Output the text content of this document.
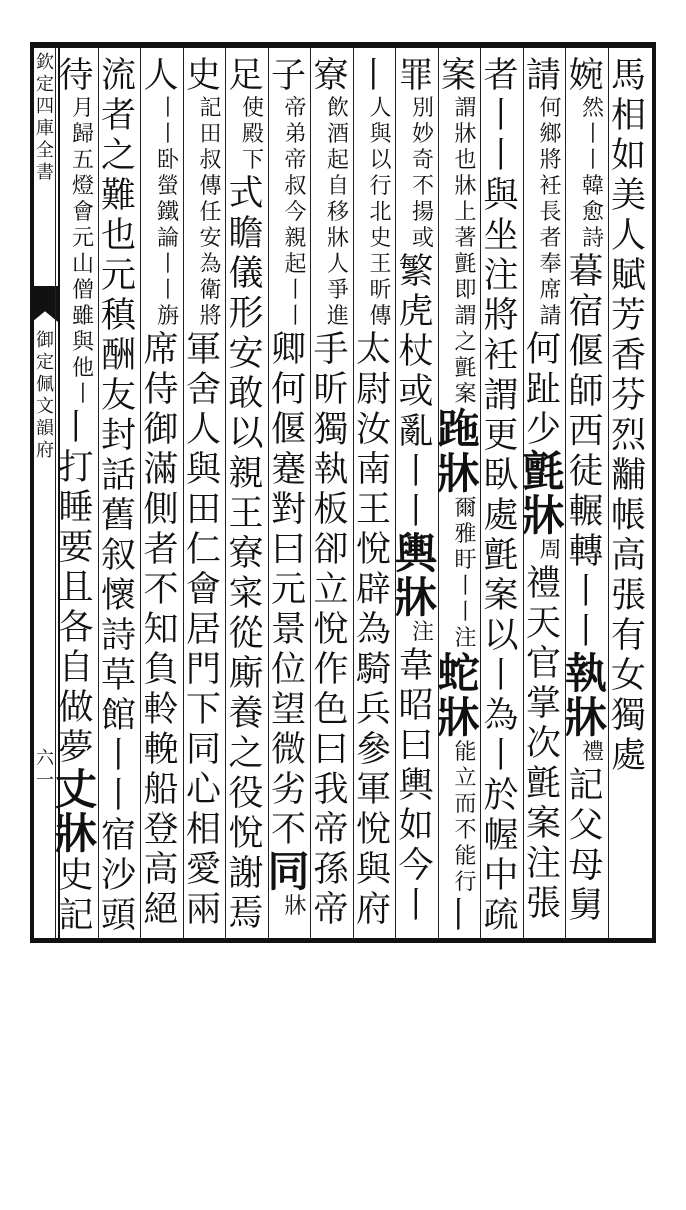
欽
定
四
庫
全
書
御
定
佩
文
韻
府
六一
馬
相
如
美
人
賦
芳
香
芬
烈
黼
帳
高
張
有
女
獨
處
婉
然
丨
丨
韓
愈
詩
暮
宿
偃
師
西
徒
輾
轉
丨
丨
執
牀
禮
記
父
母
舅
請
何
鄉
將
衽
長
者
奉
席
請
何
趾
少
氈
牀
周
禮
天
官
掌
次
氈
案
注
張
者
丨
丨
與
坐
注
將
衽
謂
更
臥
處
氈
案
以
丨
為
丨
於
幄
中
疏
案
謂
牀
也
牀
上
著
氈
即
謂
之
氈
案
𧿶
牀
爾
雅
盱
丨
丨
注
蛇
牀
能
立
而
不
能
行
丨
罪
別
妙
奇
不
揚
或
繁
虎
杖
或
亂
丨
丨
輿
牀
注
韋
昭
曰
輿
如
今
丨
丨
人
與
以
行
北
史
王
昕
傳
太
尉
汝
南
王
悅
辟
為
騎
兵
參
軍
悅
與
府
寮
飲
酒
起
自
移
牀
人
爭
進
手
昕
獨
執
板
卻
立
悅
作
色
曰
我
帝
孫
帝
子
帝
弟
帝
叔
今
親
起
丨
丨
卿
何
偃
蹇
對
曰
元
景
位
望
微
劣
不
同
牀
足
使
殿
下
式
瞻
儀
形
安
敢
以
親
王
寮
寀
從
廝
養
之
役
悅
謝
焉
史
記
田
叔
傳
任
安
為
衛
將
軍
舍
人
與
田
仁
會
居
門
下
同
心
相
愛
兩
人
丨
丨
卧
螢
鐵
論
丨
丨
旃
席
侍
御
滿
側
者
不
知
負
軨
輓
船
登
高
絕
流
者
之
難
也
元
稹
酬
友
封
話
舊
叙
懷
詩
草
館
丨
丨
宿
沙
頭
待
月
歸
五
燈
會
元
山
僧
雖
與
他
丨
丨
打
睡
要
且
各
自
做
夢
丈
牀
史
記
